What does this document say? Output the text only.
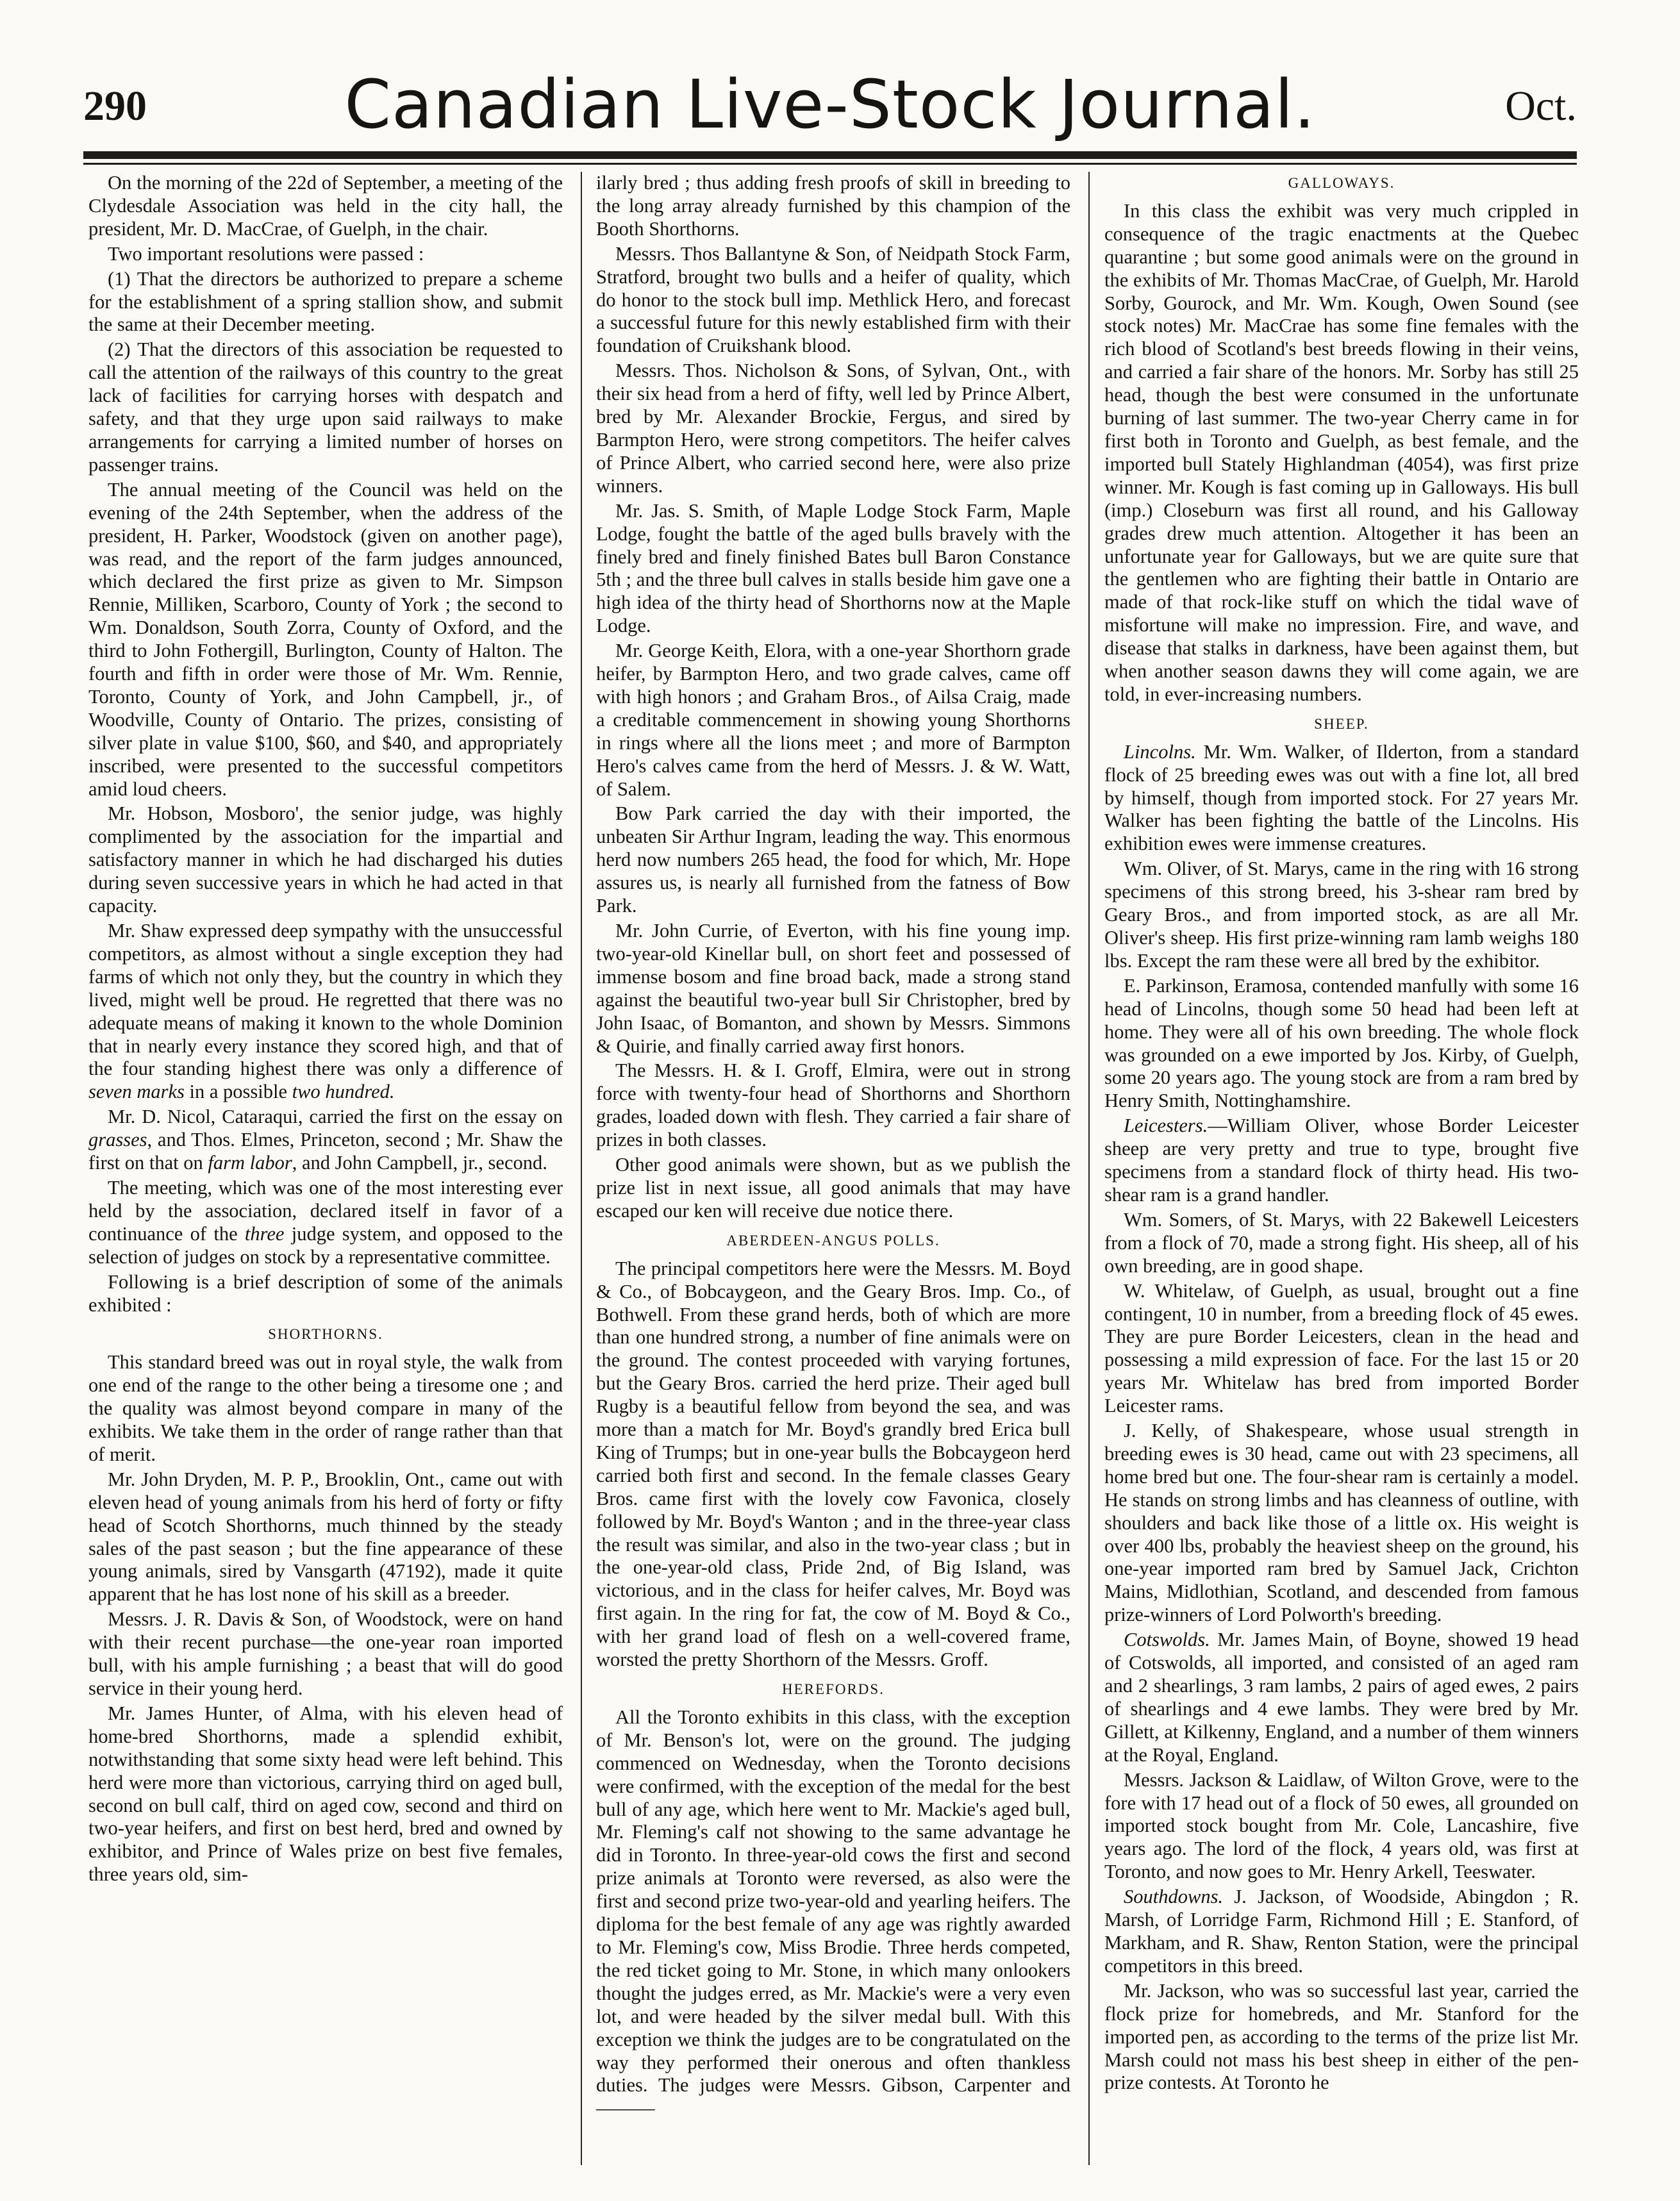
290	Canadian Live-Stock Journal.	Oct.

On the morning of the 22d of September, a meeting of the Clydesdale Association was held in the city hall, the president, Mr. D. MacCrae, of Guelph, in the chair.

Two important resolutions were passed :

(1) That the directors be authorized to prepare a scheme for the establishment of a spring stallion show, and submit the same at their December meeting.

(2) That the directors of this association be requested to call the attention of the railways of this country to the great lack of facilities for carrying horses with despatch and safety, and that they urge upon said railways to make arrangements for carrying a limited number of horses on passenger trains.

The annual meeting of the Council was held on the evening of the 24th September, when the address of the president, H. Parker, Woodstock (given on another page), was read, and the report of the farm judges announced, which declared the first prize as given to Mr. Simpson Rennie, Milliken, Scarboro, County of York ; the second to Wm. Donaldson, South Zorra, County of Oxford, and the third to John Fothergill, Burlington, County of Halton. The fourth and fifth in order were those of Mr. Wm. Rennie, Toronto, County of York, and John Campbell, jr., of Woodville, County of Ontario. The prizes, consisting of silver plate in value $100, $60, and $40, and appropriately inscribed, were presented to the successful competitors amid loud cheers.

Mr. Hobson, Mosboro', the senior judge, was highly complimented by the association for the impartial and satisfactory manner in which he had discharged his duties during seven successive years in which he had acted in that capacity.

Mr. Shaw expressed deep sympathy with the unsuccessful competitors, as almost without a single exception they had farms of which not only they, but the country in which they lived, might well be proud. He regretted that there was no adequate means of making it known to the whole Dominion that in nearly every instance they scored high, and that of the four standing highest there was only a difference of seven marks in a possible two hundred.

Mr. D. Nicol, Cataraqui, carried the first on the essay on grasses, and Thos. Elmes, Princeton, second ; Mr. Shaw the first on that on farm labor, and John Campbell, jr., second.

The meeting, which was one of the most interesting ever held by the association, declared itself in favor of a continuance of the three judge system, and opposed to the selection of judges on stock by a representative committee.

Following is a brief description of some of the animals exhibited :

SHORTHORNS.

This standard breed was out in royal style, the walk from one end of the range to the other being a tiresome one ; and the quality was almost beyond compare in many of the exhibits. We take them in the order of range rather than that of merit.

Mr. John Dryden, M. P. P., Brooklin, Ont., came out with eleven head of young animals from his herd of forty or fifty head of Scotch Shorthorns, much thinned by the steady sales of the past season ; but the fine appearance of these young animals, sired by Vansgarth (47192), made it quite apparent that he has lost none of his skill as a breeder.

Messrs. J. R. Davis & Son, of Woodstock, were on hand with their recent purchase—the one-year roan imported bull, with his ample furnishing ; a beast that will do good service in their young herd.

Mr. James Hunter, of Alma, with his eleven head of home-bred Shorthorns, made a splendid exhibit, notwithstanding that some sixty head were left behind. This herd were more than victorious, carrying third on aged bull, second on bull calf, third on aged cow, second and third on two-year heifers, and first on best herd, bred and owned by exhibitor, and Prince of Wales prize on best five females, three years old, sim-

ilarly bred ; thus adding fresh proofs of skill in breeding to the long array already furnished by this champion of the Booth Shorthorns.

Messrs. Thos Ballantyne & Son, of Neidpath Stock Farm, Stratford, brought two bulls and a heifer of quality, which do honor to the stock bull imp. Methlick Hero, and forecast a successful future for this newly established firm with their foundation of Cruikshank blood.

Messrs. Thos. Nicholson & Sons, of Sylvan, Ont., with their six head from a herd of fifty, well led by Prince Albert, bred by Mr. Alexander Brockie, Fergus, and sired by Barmpton Hero, were strong competitors. The heifer calves of Prince Albert, who carried second here, were also prize winners.

Mr. Jas. S. Smith, of Maple Lodge Stock Farm, Maple Lodge, fought the battle of the aged bulls bravely with the finely bred and finely finished Bates bull Baron Constance 5th ; and the three bull calves in stalls beside him gave one a high idea of the thirty head of Shorthorns now at the Maple Lodge.

Mr. George Keith, Elora, with a one-year Shorthorn grade heifer, by Barmpton Hero, and two grade calves, came off with high honors ; and Graham Bros., of Ailsa Craig, made a creditable commencement in showing young Shorthorns in rings where all the lions meet ; and more of Barmpton Hero's calves came from the herd of Messrs. J. & W. Watt, of Salem.

Bow Park carried the day with their imported, the unbeaten Sir Arthur Ingram, leading the way. This enormous herd now numbers 265 head, the food for which, Mr. Hope assures us, is nearly all furnished from the fatness of Bow Park.

Mr. John Currie, of Everton, with his fine young imp. two-year-old Kinellar bull, on short feet and possessed of immense bosom and fine broad back, made a strong stand against the beautiful two-year bull Sir Christopher, bred by John Isaac, of Bomanton, and shown by Messrs. Simmons & Quirie, and finally carried away first honors.

The Messrs. H. & I. Groff, Elmira, were out in strong force with twenty-four head of Shorthorns and Shorthorn grades, loaded down with flesh. They carried a fair share of prizes in both classes.

Other good animals were shown, but as we publish the prize list in next issue, all good animals that may have escaped our ken will receive due notice there.

ABERDEEN-ANGUS POLLS.

The principal competitors here were the Messrs. M. Boyd & Co., of Bobcaygeon, and the Geary Bros. Imp. Co., of Bothwell. From these grand herds, both of which are more than one hundred strong, a number of fine animals were on the ground. The contest proceeded with varying fortunes, but the Geary Bros. carried the herd prize. Their aged bull Rugby is a beautiful fellow from beyond the sea, and was more than a match for Mr. Boyd's grandly bred Erica bull King of Trumps; but in one-year bulls the Bobcaygeon herd carried both first and second. In the female classes Geary Bros. came first with the lovely cow Favonica, closely followed by Mr. Boyd's Wanton ; and in the three-year class the result was similar, and also in the two-year class ; but in the one-year-old class, Pride 2nd, of Big Island, was victorious, and in the class for heifer calves, Mr. Boyd was first again. In the ring for fat, the cow of M. Boyd & Co., with her grand load of flesh on a well-covered frame, worsted the pretty Shorthorn of the Messrs. Groff.

HEREFORDS.

All the Toronto exhibits in this class, with the exception of Mr. Benson's lot, were on the ground. The judging commenced on Wednesday, when the Toronto decisions were confirmed, with the exception of the medal for the best bull of any age, which here went to Mr. Mackie's aged bull, Mr. Fleming's calf not showing to the same advantage he did in Toronto. In three-year-old cows the first and second prize animals at Toronto were reversed, as also were the first and second prize two-year-old and yearling heifers. The diploma for the best female of any age was rightly awarded to Mr. Fleming's cow, Miss Brodie. Three herds competed, the red ticket going to Mr. Stone, in which many onlookers thought the judges erred, as Mr. Mackie's were a very even lot, and were headed by the silver medal bull. With this exception we think the judges are to be congratulated on the way they performed their onerous and often thankless duties. The judges were Messrs. Gibson, Carpenter and ———

GALLOWAYS.

In this class the exhibit was very much crippled in consequence of the tragic enactments at the Quebec quarantine ; but some good animals were on the ground in the exhibits of Mr. Thomas MacCrae, of Guelph, Mr. Harold Sorby, Gourock, and Mr. Wm. Kough, Owen Sound (see stock notes) Mr. MacCrae has some fine females with the rich blood of Scotland's best breeds flowing in their veins, and carried a fair share of the honors. Mr. Sorby has still 25 head, though the best were consumed in the unfortunate burning of last summer. The two-year Cherry came in for first both in Toronto and Guelph, as best female, and the imported bull Stately Highlandman (4054), was first prize winner. Mr. Kough is fast coming up in Galloways. His bull (imp.) Closeburn was first all round, and his Galloway grades drew much attention. Altogether it has been an unfortunate year for Galloways, but we are quite sure that the gentlemen who are fighting their battle in Ontario are made of that rock-like stuff on which the tidal wave of misfortune will make no impression. Fire, and wave, and disease that stalks in darkness, have been against them, but when another season dawns they will come again, we are told, in ever-increasing numbers.

SHEEP.

Lincolns. Mr. Wm. Walker, of Ilderton, from a standard flock of 25 breeding ewes was out with a fine lot, all bred by himself, though from imported stock. For 27 years Mr. Walker has been fighting the battle of the Lincolns. His exhibition ewes were immense creatures.

Wm. Oliver, of St. Marys, came in the ring with 16 strong specimens of this strong breed, his 3-shear ram bred by Geary Bros., and from imported stock, as are all Mr. Oliver's sheep. His first prize-winning ram lamb weighs 180 lbs. Except the ram these were all bred by the exhibitor.

E. Parkinson, Eramosa, contended manfully with some 16 head of Lincolns, though some 50 head had been left at home. They were all of his own breeding. The whole flock was grounded on a ewe imported by Jos. Kirby, of Guelph, some 20 years ago. The young stock are from a ram bred by Henry Smith, Nottinghamshire.

Leicesters.—William Oliver, whose Border Leicester sheep are very pretty and true to type, brought five specimens from a standard flock of thirty head. His two-shear ram is a grand handler.

Wm. Somers, of St. Marys, with 22 Bakewell Leicesters from a flock of 70, made a strong fight. His sheep, all of his own breeding, are in good shape.

W. Whitelaw, of Guelph, as usual, brought out a fine contingent, 10 in number, from a breeding flock of 45 ewes. They are pure Border Leicesters, clean in the head and possessing a mild expression of face. For the last 15 or 20 years Mr. Whitelaw has bred from imported Border Leicester rams.

J. Kelly, of Shakespeare, whose usual strength in breeding ewes is 30 head, came out with 23 specimens, all home bred but one. The four-shear ram is certainly a model. He stands on strong limbs and has cleanness of outline, with shoulders and back like those of a little ox. His weight is over 400 lbs, probably the heaviest sheep on the ground, his one-year imported ram bred by Samuel Jack, Crichton Mains, Midlothian, Scotland, and descended from famous prize-winners of Lord Polworth's breeding.

Cotswolds. Mr. James Main, of Boyne, showed 19 head of Cotswolds, all imported, and consisted of an aged ram and 2 shearlings, 3 ram lambs, 2 pairs of aged ewes, 2 pairs of shearlings and 4 ewe lambs. They were bred by Mr. Gillett, at Kilkenny, England, and a number of them winners at the Royal, England.

Messrs. Jackson & Laidlaw, of Wilton Grove, were to the fore with 17 head out of a flock of 50 ewes, all grounded on imported stock bought from Mr. Cole, Lancashire, five years ago. The lord of the flock, 4 years old, was first at Toronto, and now goes to Mr. Henry Arkell, Teeswater.

Southdowns. J. Jackson, of Woodside, Abingdon ; R. Marsh, of Lorridge Farm, Richmond Hill ; E. Stanford, of Markham, and R. Shaw, Renton Station, were the principal competitors in this breed.

Mr. Jackson, who was so successful last year, carried the flock prize for homebreds, and Mr. Stanford for the imported pen, as according to the terms of the prize list Mr. Marsh could not mass his best sheep in either of the pen-prize contests. At Toronto he
